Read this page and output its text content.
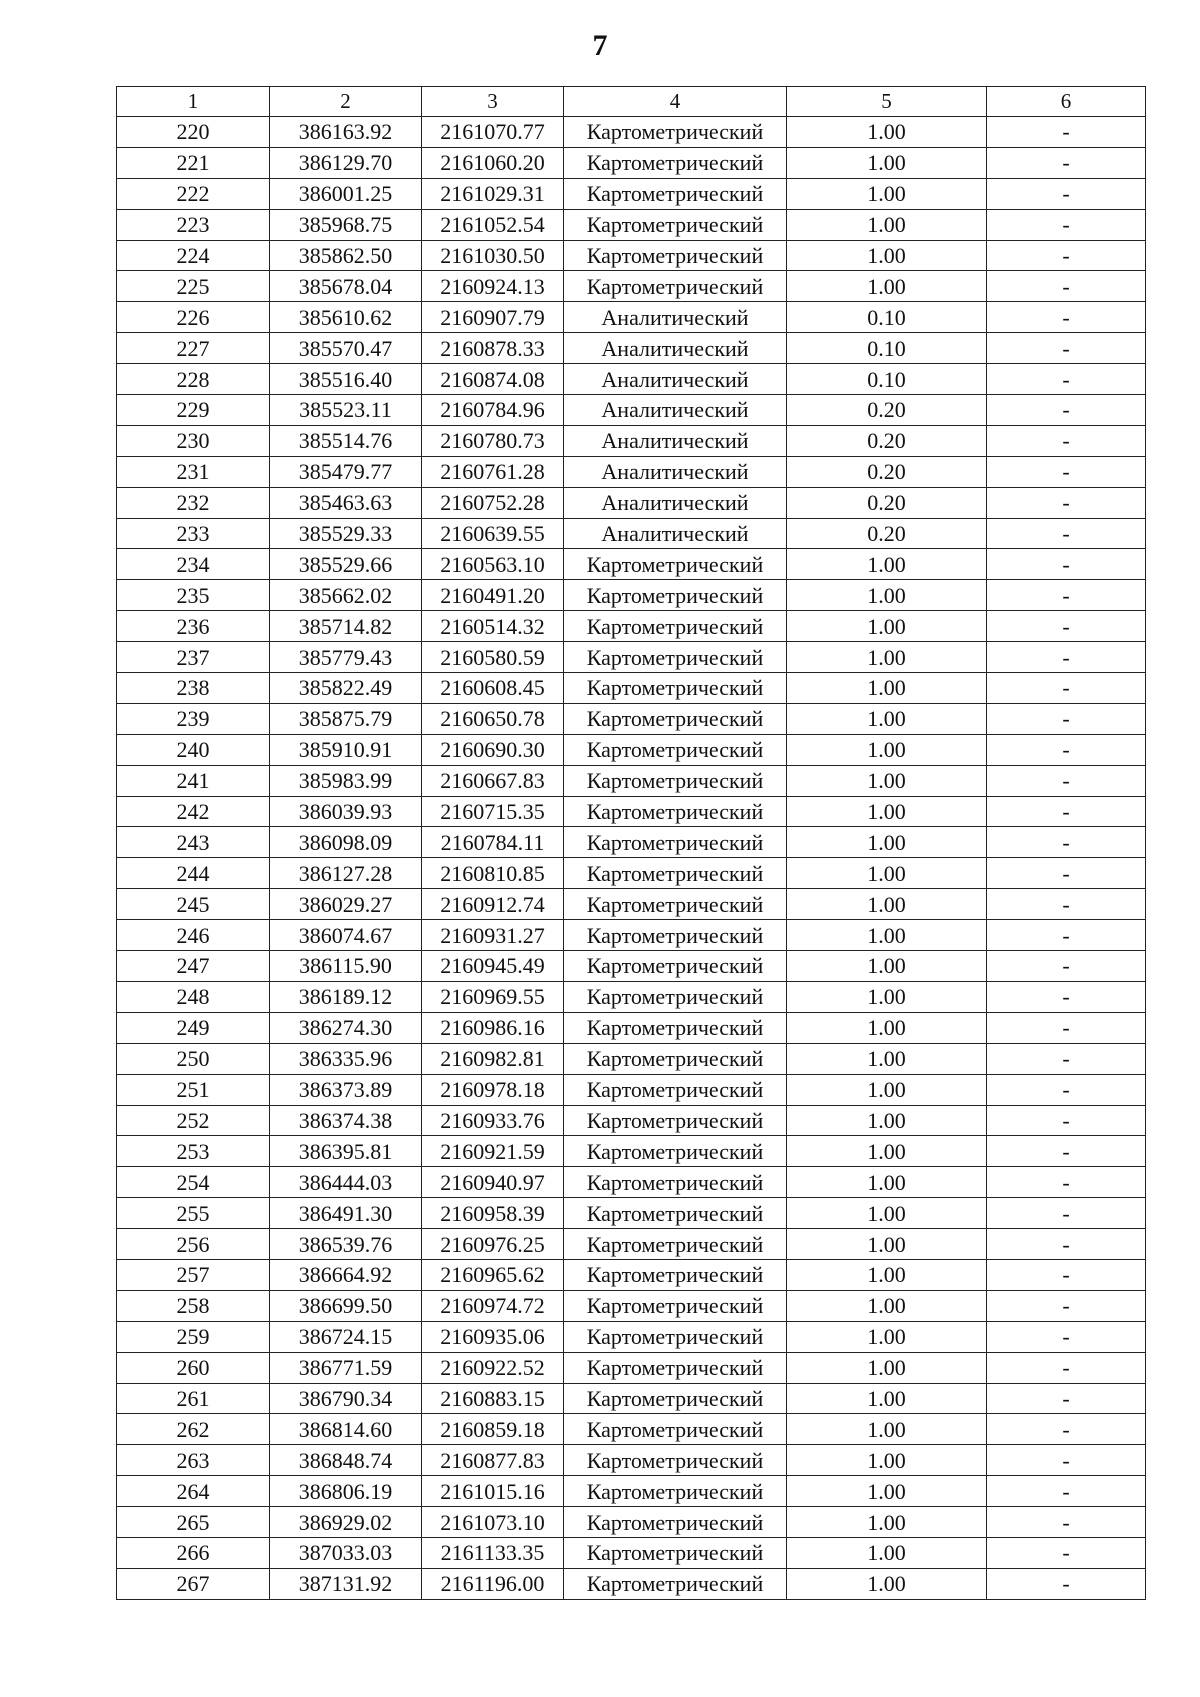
7
1	2	3	4	5	6
220	386163.92	2161070.77	Картометрический	1.00	-
221	386129.70	2161060.20	Картометрический	1.00	-
222	386001.25	2161029.31	Картометрический	1.00	-
223	385968.75	2161052.54	Картометрический	1.00	-
224	385862.50	2161030.50	Картометрический	1.00	-
225	385678.04	2160924.13	Картометрический	1.00	-
226	385610.62	2160907.79	Аналитический	0.10	-
227	385570.47	2160878.33	Аналитический	0.10	-
228	385516.40	2160874.08	Аналитический	0.10	-
229	385523.11	2160784.96	Аналитический	0.20	-
230	385514.76	2160780.73	Аналитический	0.20	-
231	385479.77	2160761.28	Аналитический	0.20	-
232	385463.63	2160752.28	Аналитический	0.20	-
233	385529.33	2160639.55	Аналитический	0.20	-
234	385529.66	2160563.10	Картометрический	1.00	-
235	385662.02	2160491.20	Картометрический	1.00	-
236	385714.82	2160514.32	Картометрический	1.00	-
237	385779.43	2160580.59	Картометрический	1.00	-
238	385822.49	2160608.45	Картометрический	1.00	-
239	385875.79	2160650.78	Картометрический	1.00	-
240	385910.91	2160690.30	Картометрический	1.00	-
241	385983.99	2160667.83	Картометрический	1.00	-
242	386039.93	2160715.35	Картометрический	1.00	-
243	386098.09	2160784.11	Картометрический	1.00	-
244	386127.28	2160810.85	Картометрический	1.00	-
245	386029.27	2160912.74	Картометрический	1.00	-
246	386074.67	2160931.27	Картометрический	1.00	-
247	386115.90	2160945.49	Картометрический	1.00	-
248	386189.12	2160969.55	Картометрический	1.00	-
249	386274.30	2160986.16	Картометрический	1.00	-
250	386335.96	2160982.81	Картометрический	1.00	-
251	386373.89	2160978.18	Картометрический	1.00	-
252	386374.38	2160933.76	Картометрический	1.00	-
253	386395.81	2160921.59	Картометрический	1.00	-
254	386444.03	2160940.97	Картометрический	1.00	-
255	386491.30	2160958.39	Картометрический	1.00	-
256	386539.76	2160976.25	Картометрический	1.00	-
257	386664.92	2160965.62	Картометрический	1.00	-
258	386699.50	2160974.72	Картометрический	1.00	-
259	386724.15	2160935.06	Картометрический	1.00	-
260	386771.59	2160922.52	Картометрический	1.00	-
261	386790.34	2160883.15	Картометрический	1.00	-
262	386814.60	2160859.18	Картометрический	1.00	-
263	386848.74	2160877.83	Картометрический	1.00	-
264	386806.19	2161015.16	Картометрический	1.00	-
265	386929.02	2161073.10	Картометрический	1.00	-
266	387033.03	2161133.35	Картометрический	1.00	-
267	387131.92	2161196.00	Картометрический	1.00	-
